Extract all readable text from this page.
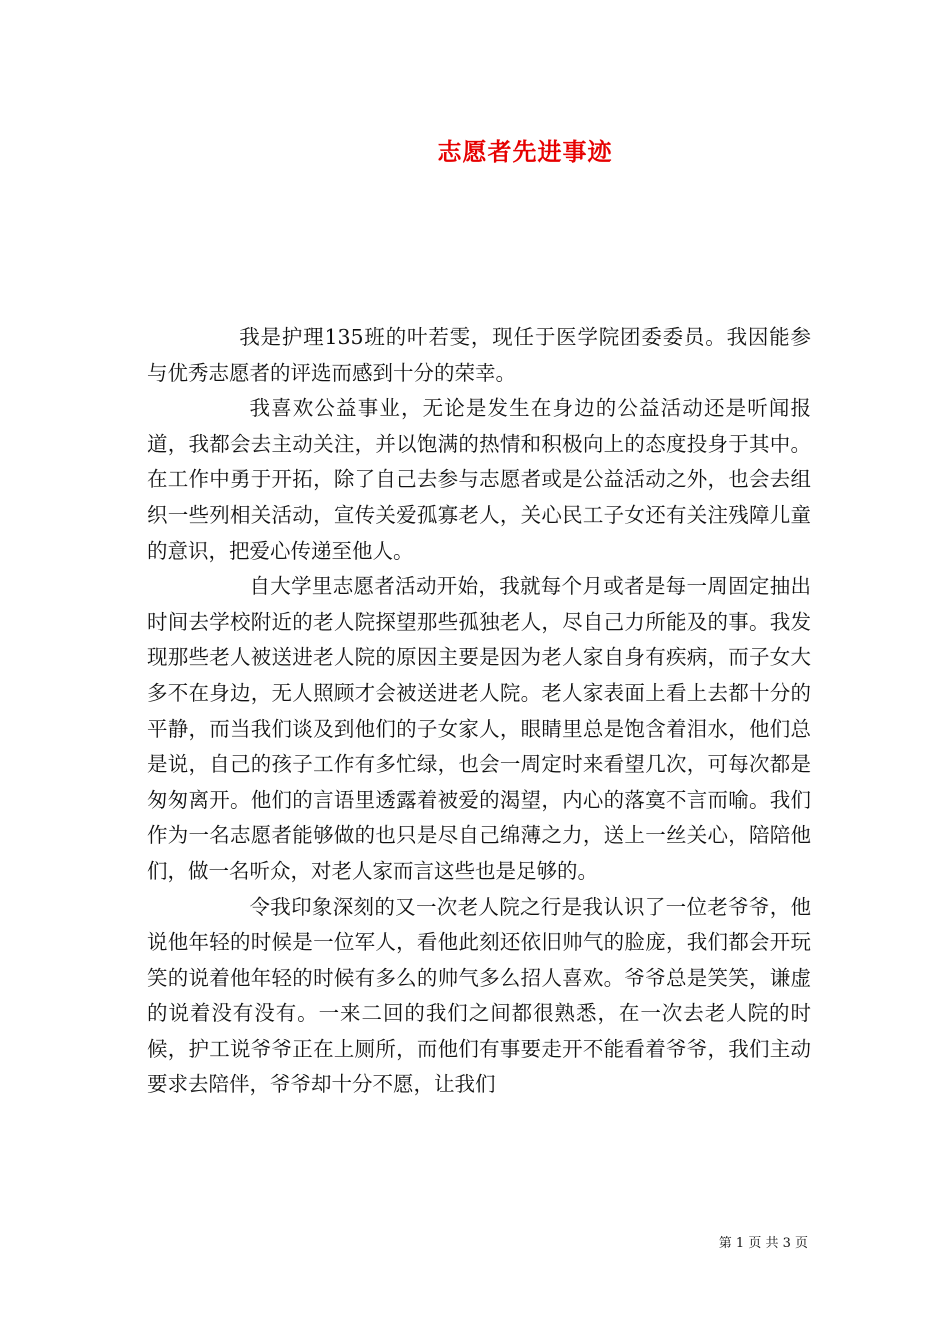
志愿者先进事迹

我是护理135班的叶若雯，现任于医学院团委委员。我因能参与优秀志愿者的评选而感到十分的荣幸。

我喜欢公益事业，无论是发生在身边的公益活动还是听闻报道，我都会去主动关注，并以饱满的热情和积极向上的态度投身于其中。在工作中勇于开拓，除了自己去参与志愿者或是公益活动之外，也会去组织一些列相关活动，宣传关爱孤寡老人，关心民工子女还有关注残障儿童的意识，把爱心传递至他人。

自大学里志愿者活动开始，我就每个月或者是每一周固定抽出时间去学校附近的老人院探望那些孤独老人，尽自己力所能及的事。我发现那些老人被送进老人院的原因主要是因为老人家自身有疾病，而子女大多不在身边，无人照顾才会被送进老人院。老人家表面上看上去都十分的平静，而当我们谈及到他们的子女家人，眼睛里总是饱含着泪水，他们总是说，自己的孩子工作有多忙绿，也会一周定时来看望几次，可每次都是匆匆离开。他们的言语里透露着被爱的渴望，内心的落寞不言而喻。我们作为一名志愿者能够做的也只是尽自己绵薄之力，送上一丝关心，陪陪他们，做一名听众，对老人家而言这些也是足够的。

令我印象深刻的又一次老人院之行是我认识了一位老爷爷，他说他年轻的时候是一位军人，看他此刻还依旧帅气的脸庞，我们都会开玩笑的说着他年轻的时候有多么的帅气多么招人喜欢。爷爷总是笑笑，谦虚的说着没有没有。一来二回的我们之间都很熟悉，在一次去老人院的时候，护工说爷爷正在上厕所，而他们有事要走开不能看着爷爷，我们主动要求去陪伴，爷爷却十分不愿，让我们

第 1 页 共 3 页
